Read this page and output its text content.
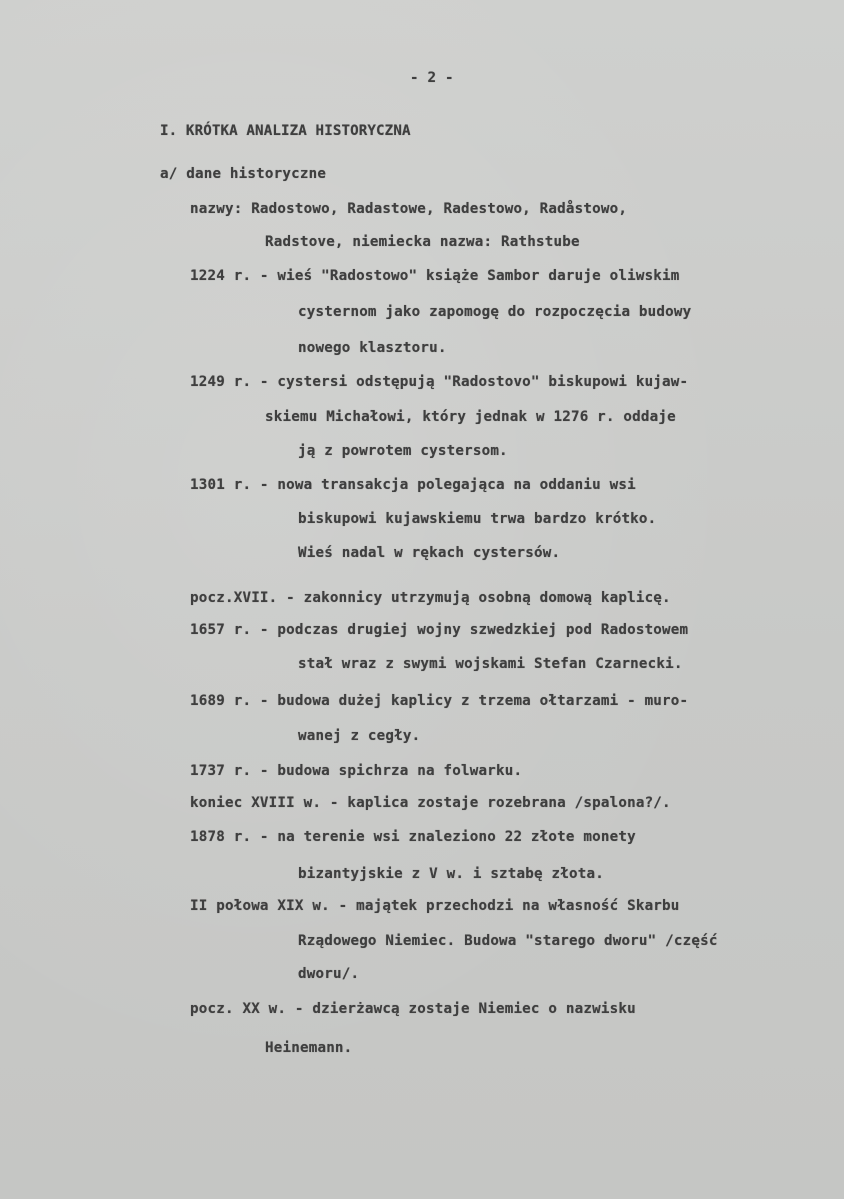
- 2 -
I. KRÓTKA ANALIZA HISTORYCZNA
a/ dane historyczne
nazwy: Radostowo, Radastowe, Radestowo, Radåstowo,
Radstove, niemiecka nazwa: Rathstube
1224 r. - wieś "Radostowo" książe Sambor daruje oliwskim
cysternom jako zapomogę do rozpoczęcia budowy
nowego klasztoru.
1249 r. - cystersi odstępują "Radostovo" biskupowi kujaw-
skiemu Michałowi, który jednak w 1276 r. oddaje
ją z powrotem cystersom.
1301 r. - nowa transakcja polegająca na oddaniu wsi
biskupowi kujawskiemu trwa bardzo krótko.
Wieś nadal w rękach cystersów.
pocz.XVII. - zakonnicy utrzymują osobną domową kaplicę.
1657 r. - podczas drugiej wojny szwedzkiej pod Radostowem
stał wraz z swymi wojskami Stefan Czarnecki.
1689 r. - budowa dużej kaplicy z trzema ołtarzami - muro-
wanej z cegły.
1737 r. - budowa spichrza na folwarku.
koniec XVIII w. - kaplica zostaje rozebrana /spalona?/.
1878 r. - na terenie wsi znaleziono 22 złote monety
bizantyjskie z V w. i sztabę złota.
II połowa XIX w. - majątek przechodzi na własność Skarbu
Rządowego Niemiec. Budowa "starego dworu" /część
dworu/.
pocz. XX w. - dzierżawcą zostaje Niemiec o nazwisku
Heinemann.
